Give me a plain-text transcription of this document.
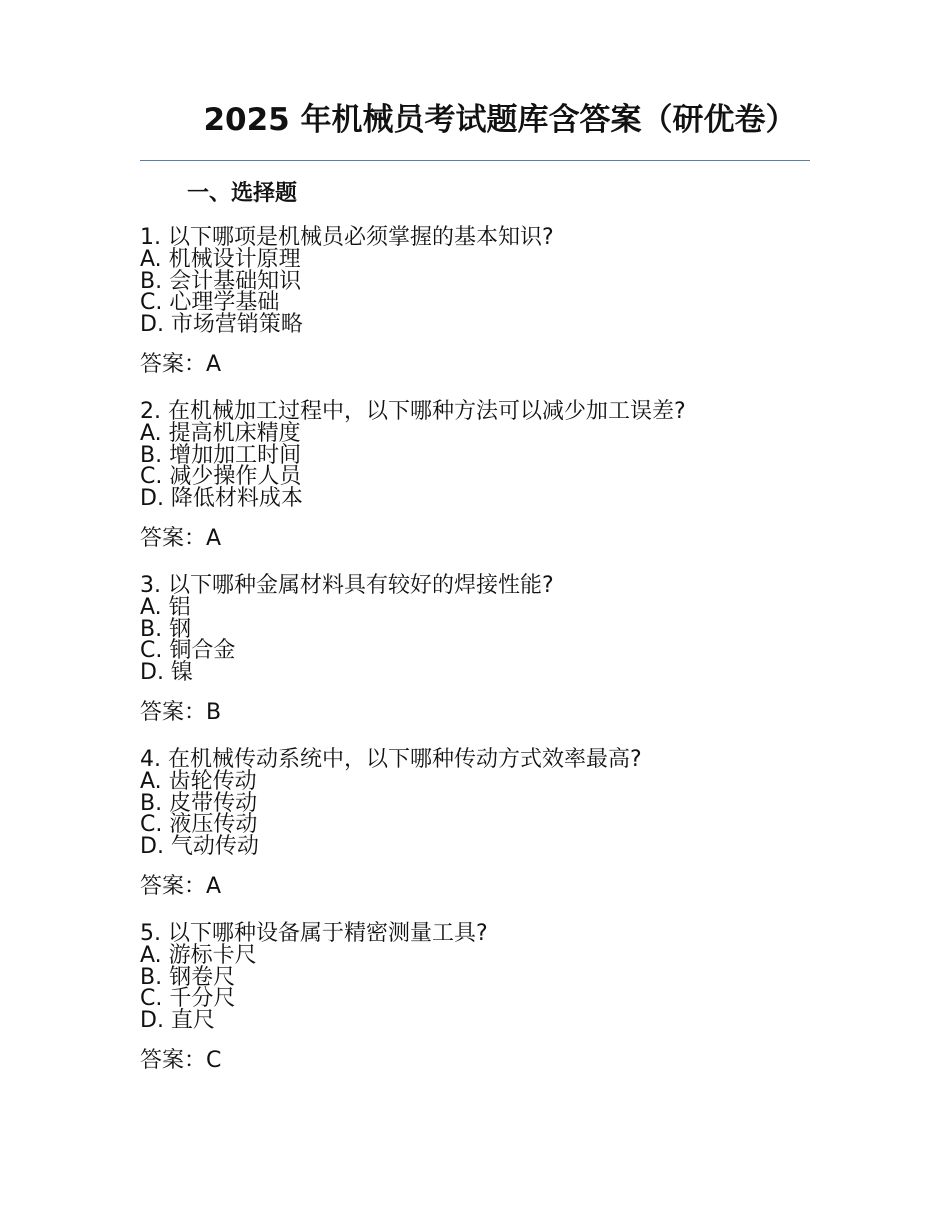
2025 年机械员考试题库含答案（研优卷）
一、选择题
1. 以下哪项是机械员必须掌握的基本知识?
A. 机械设计原理
B. 会计基础知识
C. 心理学基础
D. 市场营销策略
答案：A
2. 在机械加工过程中，以下哪种方法可以减少加工误差?
A. 提高机床精度
B. 增加加工时间
C. 减少操作人员
D. 降低材料成本
答案：A
3. 以下哪种金属材料具有较好的焊接性能?
A. 铝
B. 钢
C. 铜合金
D. 镍
答案：B
4. 在机械传动系统中，以下哪种传动方式效率最高?
A. 齿轮传动
B. 皮带传动
C. 液压传动
D. 气动传动
答案：A
5. 以下哪种设备属于精密测量工具?
A. 游标卡尺
B. 钢卷尺
C. 千分尺
D. 直尺
答案：C
